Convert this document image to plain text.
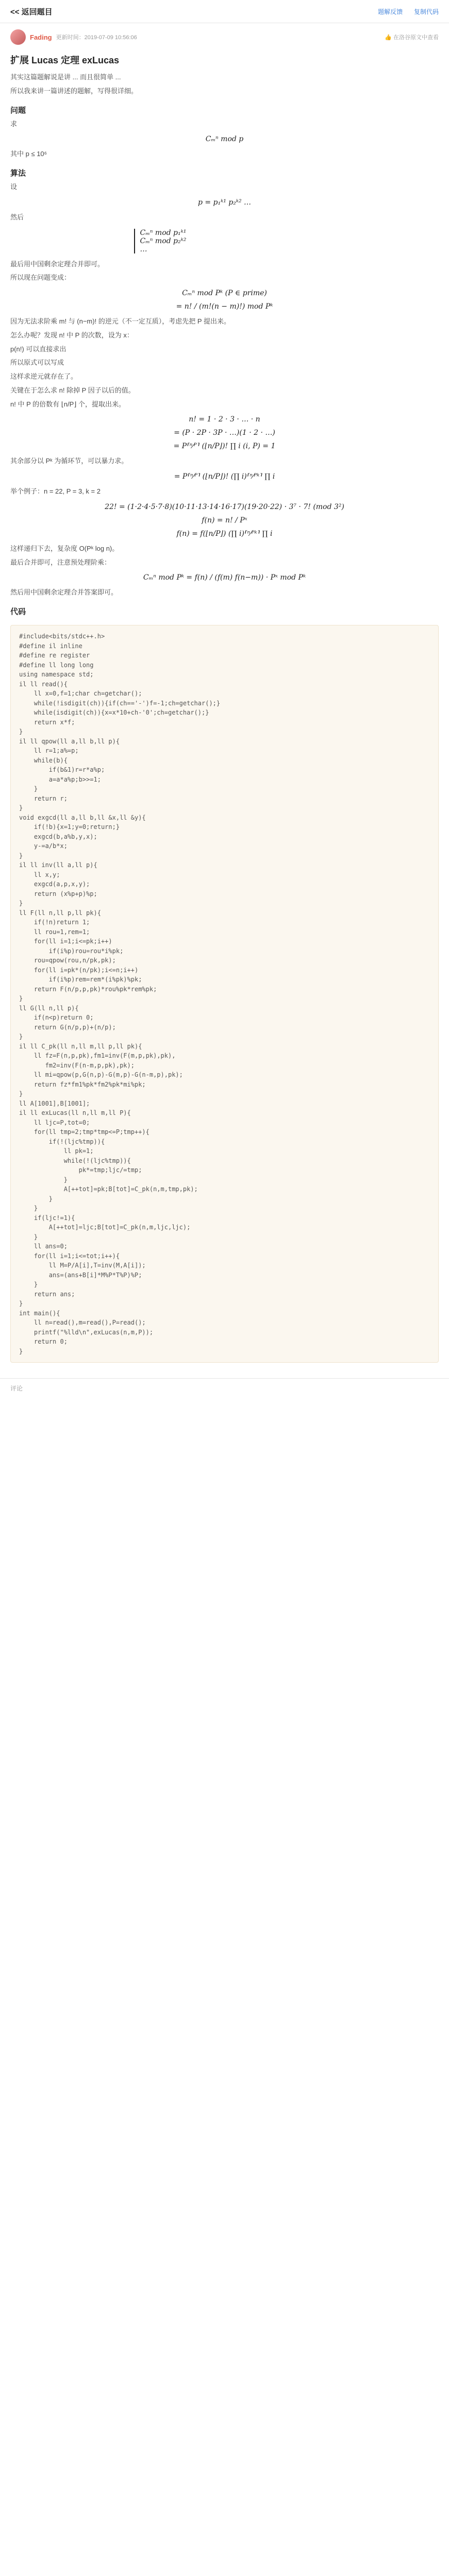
<< 返回题目	题解反馈 复制代码
Fading 更新时间：2019-07-09 10:56:06	👍 在洛谷原文中查看
扩展 Lucas 定理 exLucas
其实这篇题解说是讲 ... 而且很简单 ...
所以我来讲一篇讲述的题解，写得很详细。
问题
求
Cₘⁿ mod p
其中 p ≤ 10⁶
算法
设
p = p₁ᵏ¹ p₂ᵏ² …
然后
Cₘⁿ mod p₁ᵏ¹
Cₘⁿ mod p₂ᵏ²
…
最后用中国剩余定理合并即可。
所以现在问题变成：
Cₘⁿ mod Pᵏ (P ∈ prime)
= n! / (m!(n − m)!) mod Pᵏ
因为无法求阶乘 m! 与 (n−m)! 的逆元（不一定互质），考虑先把 P 提出来。
怎么办呢？发现 n! 中 P 的次数，设为 x：
p(n!) 可以直接求出
所以原式可以写成
这样求逆元就存在了。
关键在于怎么求 n! 除掉 P 因子以后的值。
n! 中 P 的倍数有 ⌊n/P⌋ 个，提取出来。
n! = 1 · 2 · 3 · … · n
= (P · 2P · 3P · …)(1 · 2 · …)
= P⸢ⁿ⁄ᴾ⸣ (⌊n/P⌋)! ∏ i (i, P) = 1
其余部分以 Pᵏ 为循环节，可以暴力求。
= P⸢ⁿ⁄ᴾ⸣ (⌊n/P⌋)! (∏ i)⸢ⁿ⁄ᴾᵏ⸣ ∏ i
举个例子：n = 22, P = 3, k = 2
22! = (1·2·4·5·7·8)(10·11·13·14·16·17)(19·20·22) · 3⁷ · 7! (mod 3²)
f(n) = n! / Pˣ
f(n) = f(⌊n/P⌋) (∏ i)⸢ⁿ⁄ᴾᵏ⸣ ∏ i
这样递归下去，复杂度 O(Pᵏ log n)。
最后合并即可，注意预处理阶乘：
Cₘⁿ mod Pᵏ = f(n) / (f(m) f(n−m)) · Pˣ mod Pᵏ
然后用中国剩余定理合并答案即可。
代码
#include<bits/stdc++.h>
#define il inline
#define re register
#define ll long long
using namespace std;
il ll read(){
ll x=0,f=1;char ch=getchar();
while(!isdigit(ch)){if(ch=='-')f=-1;ch=getchar();}
while(isdigit(ch)){x=x*10+ch-'0';ch=getchar();}
return x*f;
}
il ll qpow(ll a,ll b,ll p){
ll r=1;a%=p;
while(b){
if(b&1)r=r*a%p;
a=a*a%p;b>>=1;
}
return r;
}
void exgcd(ll a,ll b,ll &x,ll &y){
if(!b){x=1;y=0;return;}
exgcd(b,a%b,y,x);
y-=a/b*x;
}
il ll inv(ll a,ll p){
ll x,y;
exgcd(a,p,x,y);
return (x%p+p)%p;
}
ll F(ll n,ll p,ll pk){
if(!n)return 1;
ll rou=1,rem=1;
for(ll i=1;i<=pk;i++)
if(i%p)rou=rou*i%pk;
rou=qpow(rou,n/pk,pk);
for(ll i=pk*(n/pk);i<=n;i++)
if(i%p)rem=rem*(i%pk)%pk;
return F(n/p,p,pk)*rou%pk*rem%pk;
}
ll G(ll n,ll p){
if(n<p)return 0;
return G(n/p,p)+(n/p);
}
il ll C_pk(ll n,ll m,ll p,ll pk){
ll fz=F(n,p,pk),fm1=inv(F(m,p,pk),pk),
fm2=inv(F(n-m,p,pk),pk);
ll mi=qpow(p,G(n,p)-G(m,p)-G(n-m,p),pk);
return fz*fm1%pk*fm2%pk*mi%pk;
}
ll A[1001],B[1001];
il ll exLucas(ll n,ll m,ll P){
ll ljc=P,tot=0;
for(ll tmp=2;tmp*tmp<=P;tmp++){
if(!(ljc%tmp)){
ll pk=1;
while(!(ljc%tmp)){
pk*=tmp;ljc/=tmp;
}
A[++tot]=pk;B[tot]=C_pk(n,m,tmp,pk);
}
}
if(ljc!=1){
A[++tot]=ljc;B[tot]=C_pk(n,m,ljc,ljc);
}
ll ans=0;
for(ll i=1;i<=tot;i++){
ll M=P/A[i],T=inv(M,A[i]);
ans=(ans+B[i]*M%P*T%P)%P;
}
return ans;
}
int main(){
ll n=read(),m=read(),P=read();
printf("%lld\n",exLucas(n,m,P));
return 0;
}
评论
